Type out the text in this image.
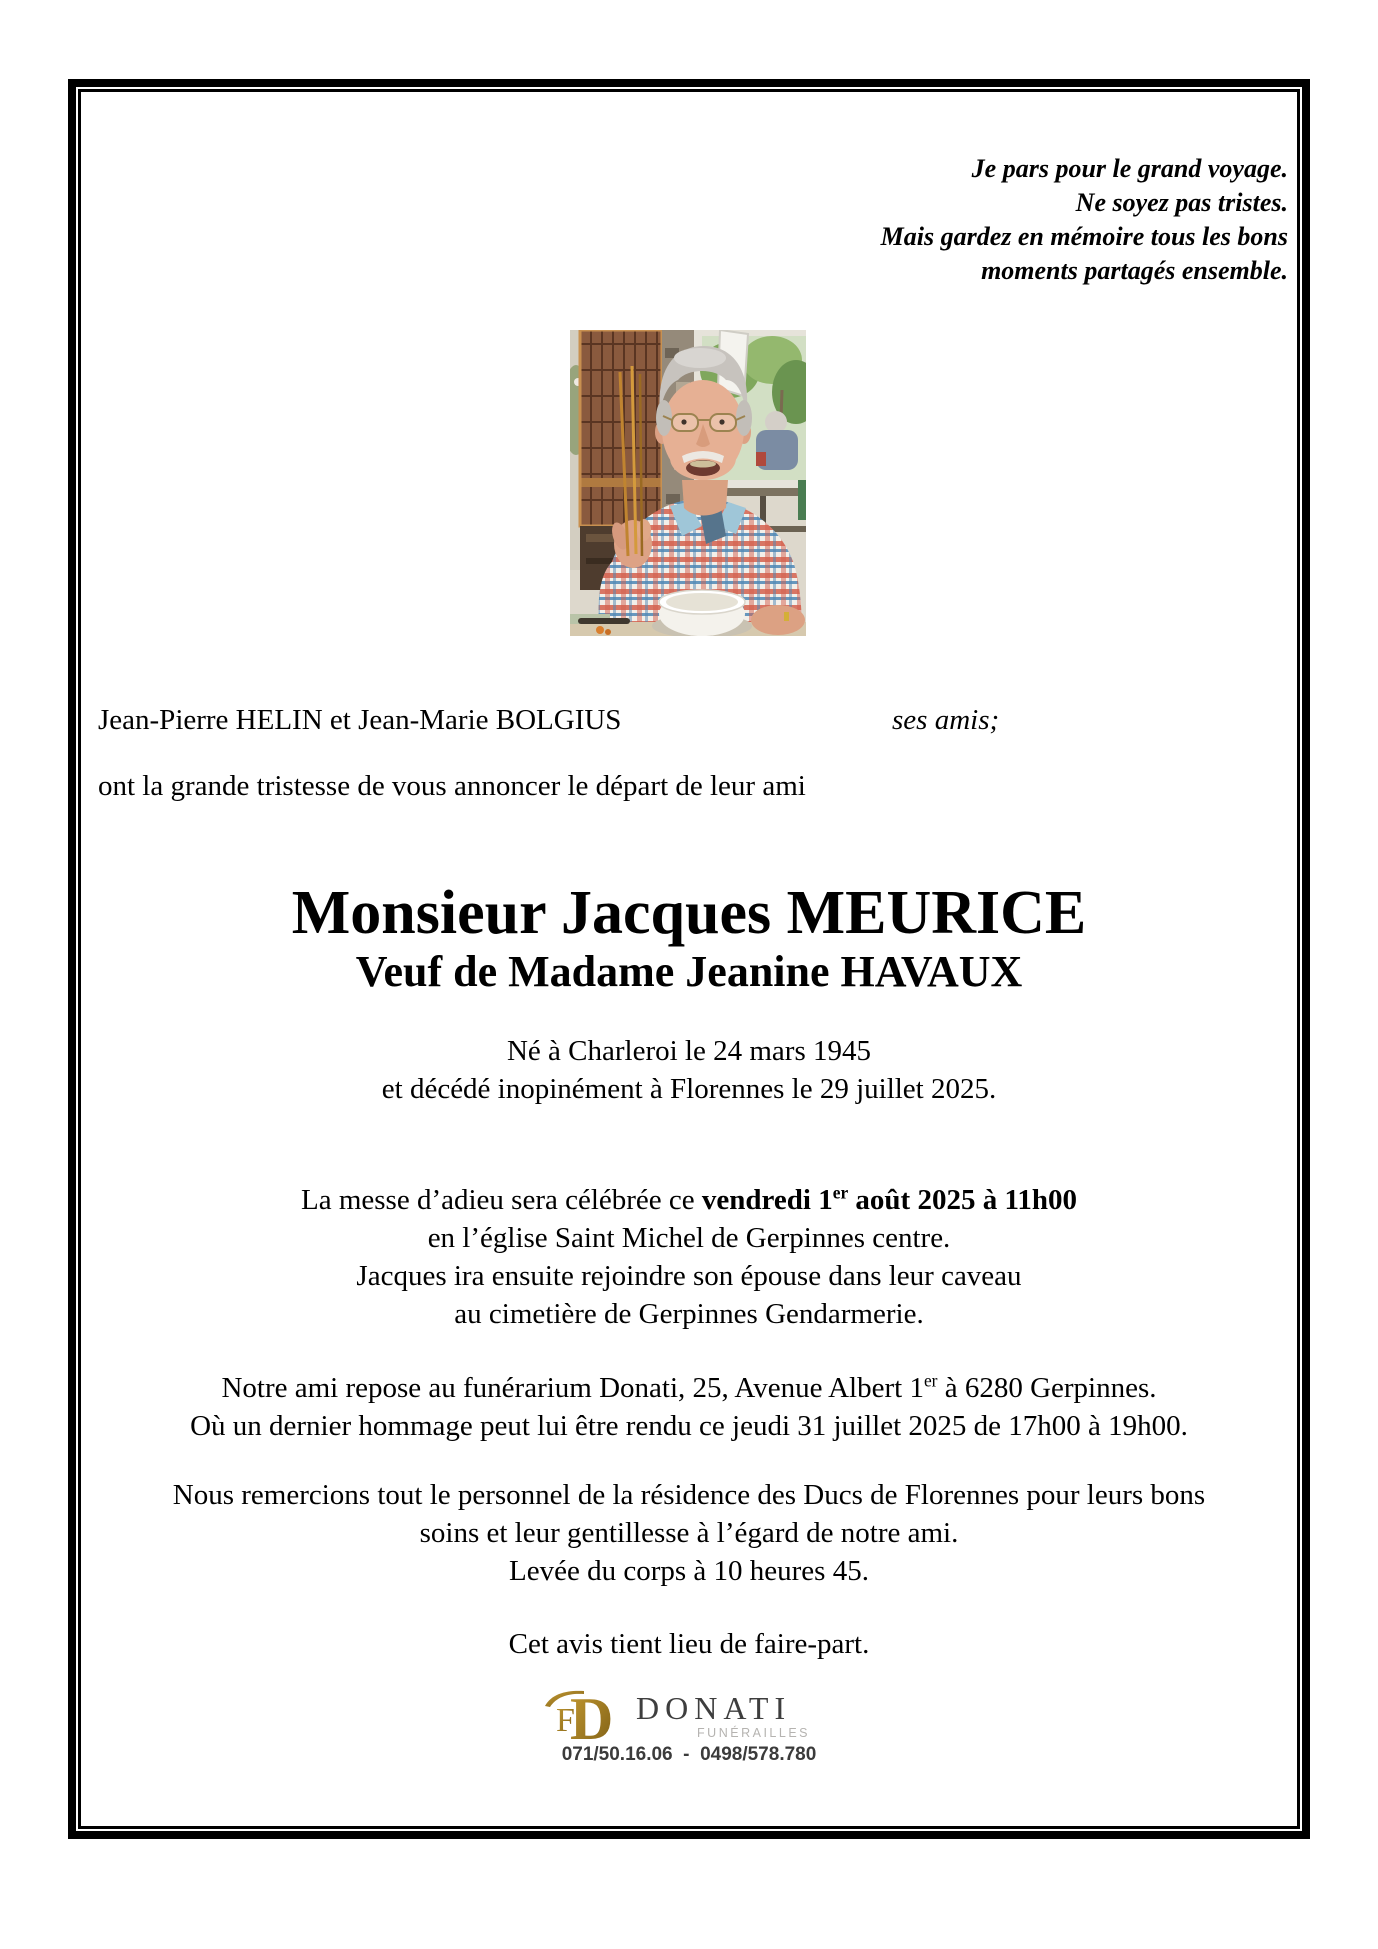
Je pars pour le grand voyage.
Ne soyez pas tristes.
Mais gardez en mémoire tous les bons
moments partagés ensemble.
Jean-Pierre HELIN et Jean-Marie BOLGIUS	ses amis;
ont la grande tristesse de vous annoncer le départ de leur ami
Monsieur Jacques MEURICE
Veuf de Madame Jeanine HAVAUX
Né à Charleroi le 24 mars 1945
et décédé inopinément à Florennes le 29 juillet 2025.
La messe d’adieu sera célébrée ce vendredi 1er août 2025 à 11h00
en l’église Saint Michel de Gerpinnes centre.
Jacques ira ensuite rejoindre son épouse dans leur caveau
au cimetière de Gerpinnes Gendarmerie.
Notre ami repose au funérarium Donati, 25, Avenue Albert 1er à 6280 Gerpinnes.
Où un dernier hommage peut lui être rendu ce jeudi 31 juillet 2025 de 17h00 à 19h00.
Nous remercions tout le personnel de la résidence des Ducs de Florennes pour leurs bons
soins et leur gentillesse à l’égard de notre ami.
Levée du corps à 10 heures 45.
Cet avis tient lieu de faire-part.
D
F DONATI
FUNÉRAILLES
071/50.16.06  -  0498/578.780
